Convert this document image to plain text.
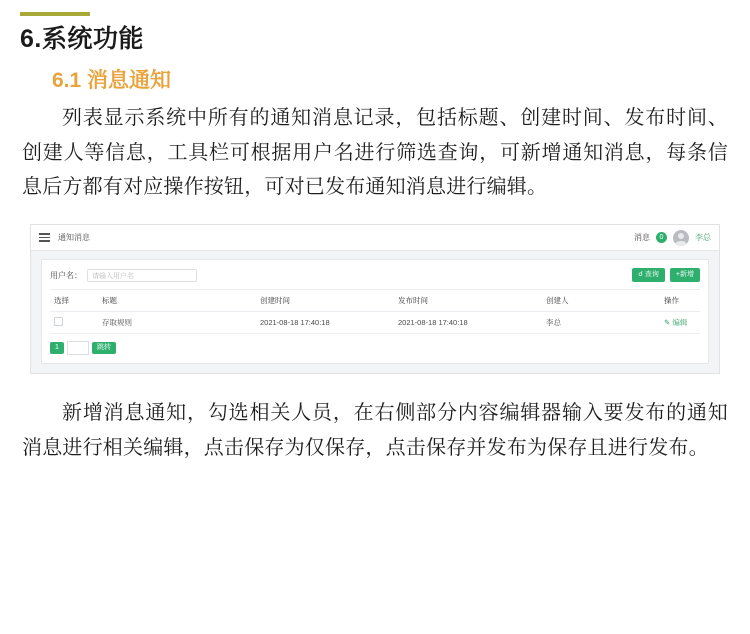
6.系统功能
6.1 消息通知

列表显示系统中所有的通知消息记录，包括标题、创建时间、发布时间、创建人等信息，工具栏可根据用户名进行筛选查询，可新增通知消息，每条信息后方都有对应操作按钮，可对已发布通知消息进行编辑。

通知消息	消息	0	李总
用户名：	请输入用户名	☌ 查询	+新增
选择	标题	创建时间	发布时间	创建人	操作
	存取规则	2021-08-18 17:40:18	2021-08-18 17:40:18	李总	✎ 编辑
1	跳转

新增消息通知，勾选相关人员，在右侧部分内容编辑器输入要发布的通知消息进行相关编辑，点击保存为仅保存，点击保存并发布为保存且进行发布。
